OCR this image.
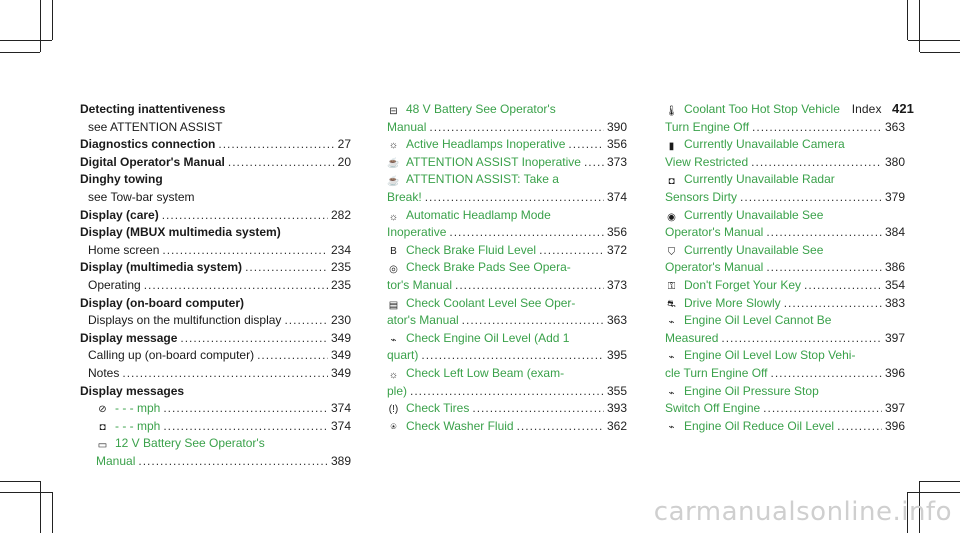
Index 421
Detecting inattentiveness
see ATTENTION ASSIST
Diagnostics connection .....	27
Digital Operator's Manual .....	20
Dinghy towing
see Tow-bar system
Display (care) .....	282
Display (MBUX multimedia system)
Home screen .....	234
Display (multimedia system) .....	235
Operating .....	235
Display (on-board computer)
Displays on the multifunction display .....	230
Display message .....	349
Calling up (on-board computer) .....	349
Notes .....	349
Display messages
⊘ - - - mph .....	374
◘ - - - mph .....	374
▭ 12 V Battery See Operator's
Manual .....	389
⊟ 48 V Battery See Operator's
Manual .....	390
☼ Active Headlamps Inoperative .....	356
☕ ATTENTION ASSIST Inoperative ..... 373
☕ ATTENTION ASSIST: Take a
Break! .....	374
☼ Automatic Headlamp Mode
Inoperative .....	356
B Check Brake Fluid Level .....	372
◎ Check Brake Pads See Opera-
tor's Manual .....	373
▤ Check Coolant Level See Oper-
ator's Manual .....	363
⌁ Check Engine Oil Level (Add 1
quart) .....	395
☼ Check Left Low Beam (exam-
ple) .....	355
(!) Check Tires .....	393
⍟ Check Washer Fluid .....	362
🌡 Coolant Too Hot Stop Vehicle
Turn Engine Off .....	363
▮ Currently Unavailable Camera
View Restricted .....	380
◘ Currently Unavailable Radar
Sensors Dirty .....	379
◉ Currently Unavailable See
Operator's Manual .....	384
⛉ Currently Unavailable See
Operator's Manual .....	386
⚿ Don't Forget Your Key .....	354
⛐ Drive More Slowly .....	383
⌁ Engine Oil Level Cannot Be
Measured .....	397
⌁ Engine Oil Level Low Stop Vehi-
cle Turn Engine Off .....	396
⌁ Engine Oil Pressure Stop
Switch Off Engine .....	397
⌁ Engine Oil Reduce Oil Level .....	396
carmanualsonline.info
